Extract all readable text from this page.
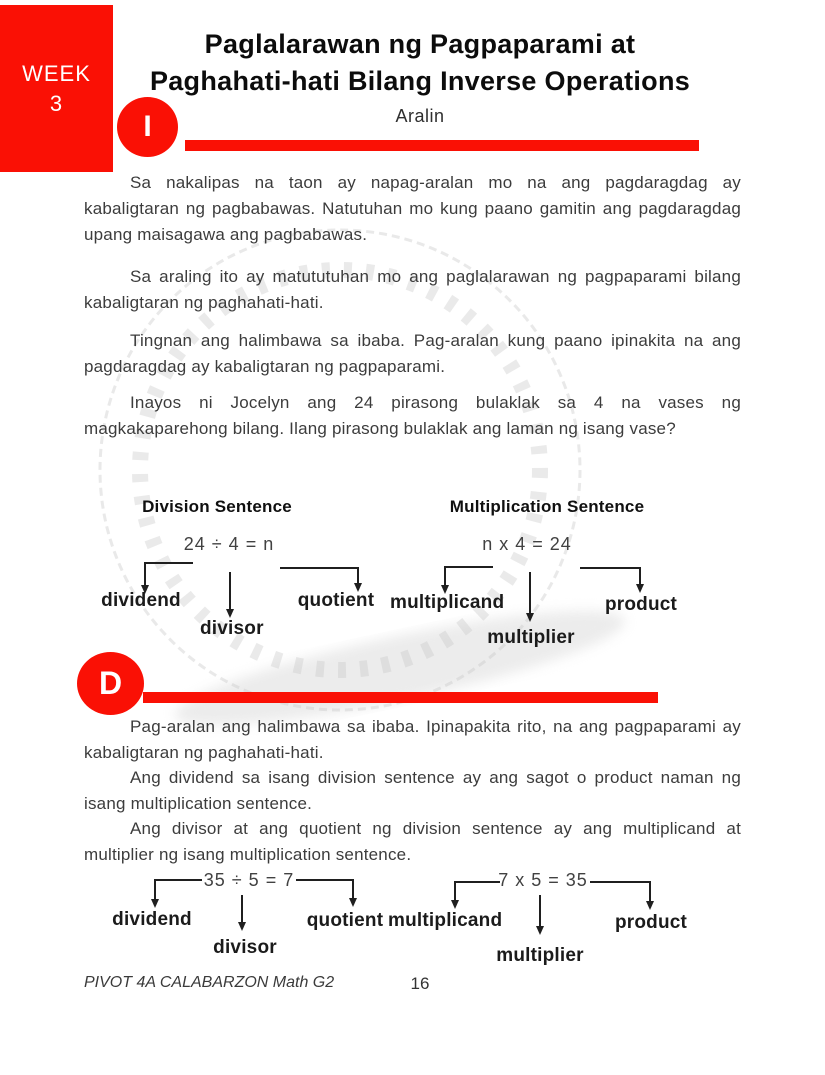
WEEK
3
Paglalarawan ng Pagpaparami at
Paghahati-hati Bilang Inverse Operations
Aralin
I

Sa nakalipas na taon ay napag-aralan mo na ang pagdaragdag ay kabaligtaran ng pagbabawas. Natutuhan mo kung paano gamitin ang pagdaragdag upang maisagawa ang pagbabawas.

Sa araling ito ay matututuhan mo ang paglalarawan ng pagpaparami bilang kabaligtaran ng paghahati-hati.

Tingnan ang halimbawa sa ibaba. Pag-aralan kung paano ipinakita na ang pagdaragdag ay kabaligtaran ng pagpaparami.

Inayos ni Jocelyn ang 24 pirasong bulaklak sa 4 na vases ng magkakaparehong bilang. Ilang pirasong bulaklak ang laman ng isang vase?

Division Sentence	Multiplication Sentence
24 ÷ 4 = n
dividend
divisor
quotient
n x 4 = 24
multiplicand
multiplier
product
D

Pag-aralan ang halimbawa sa ibaba. Ipinapakita rito, na ang pagpaparami ay kabaligtaran ng paghahati-hati.

Ang dividend sa isang division sentence ay ang sagot o product naman ng isang multiplication sentence.

Ang divisor at ang quotient ng division sentence ay ang multiplicand at multiplier ng isang multiplication sentence.

35 ÷ 5 = 7
dividend
divisor
quotient
7 x 5 = 35
multiplicand
multiplier
product
PIVOT 4A CALABARZON Math G2	16
